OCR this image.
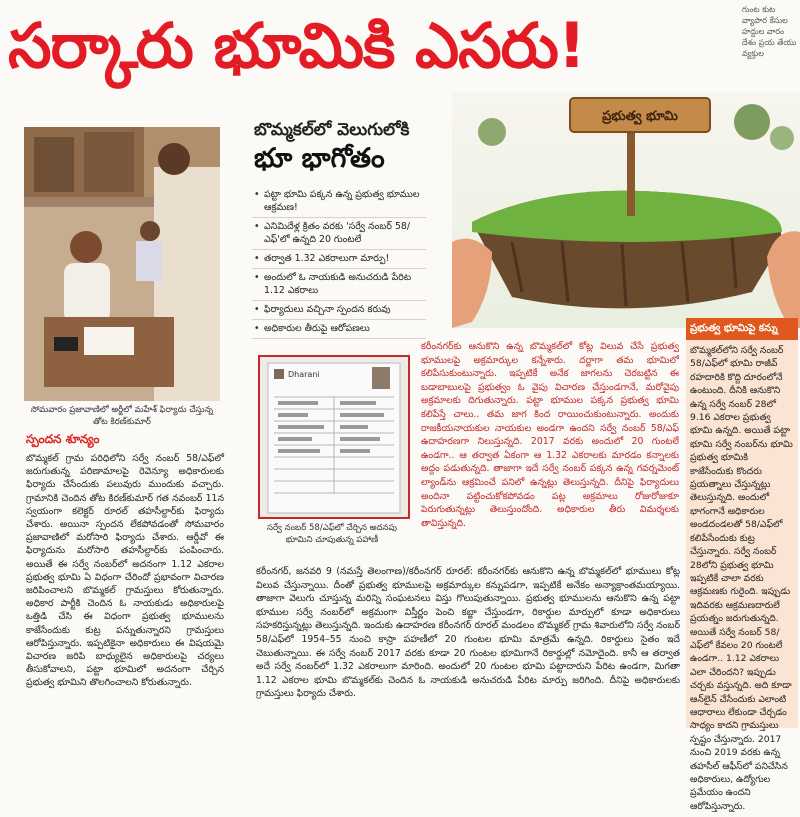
సర్కారు భూమికి ఎసరు!	గుంట కుట వ్యాపార కేసుల హద్దుల వారం దేశం ప్రయ తేయు వ్యక్తుల
సోమవారం ప్రజావాణిలో అర్జీలో మహేశ్ ఫిర్యాదు చేస్తున్న తోట కిరణ్‌కుమార్
స్పందన శూన్యం
బొమ్మకల్ గ్రామ పరిధిలోని సర్వే నంబర్ 58/ఎఫ్‌లో జరుగుతున్న పరిణామాలపై రెవెన్యూ అధికారులకు ఫిర్యాదు చేసేందుకు పలువురు ముందుకు వచ్చారు. గ్రామానికి చెందిన తోట కిరణ్‌కుమార్ గత నవంబర్ 11న స్వయంగా కలెక్టర్ రూరల్ తహసీల్దార్‌కు ఫిర్యాదు చేశారు. అయినా స్పందన లేకపోవడంతో సోమవారం ప్రజావాణిలో మరోసారి ఫిర్యాదు చేశారు. ఆర్డీవో ఈ ఫిర్యాదును మరోసారి తహసీల్దార్‌కు పంపించారు. అయితే ఈ సర్వే నంబర్‌లో అదనంగా 1.12 ఎకరాల ప్రభుత్వ భూమి ఏ విధంగా చేరిందో ప్రభావంగా విచారణ జరిపించాలని బొమ్మకల్ గ్రామస్తులు కోరుతున్నారు. అధికార పార్టీకి చెందిన ఓ నాయకుడు అధికారులపై ఒత్తిడి చేసి ఈ విధంగా ప్రభుత్వ భూములను కాజేసేందుకు కుట్ర పన్నుతున్నారని గ్రామస్తులు ఆరోపిస్తున్నారు. ఇప్పటికైనా అధికారులు ఈ విషయమై విచారణ జరిపి బాధ్యులైన అధికారులపై చర్యలు తీసుకోవాలని, పట్టా భూమిలో అదనంగా చేర్చిన ప్రభుత్వ భూమిని తొలగించాలని కోరుతున్నారు.
బొమ్మకల్‌లో వెలుగులోకి
భూ భాగోతం
• పట్టా భూమి పక్కన ఉన్న ప్రభుత్వ భూముల ఆక్రమణ!
• ఎనిమిదేళ్ల క్రితం వరకు 'సర్వే నంబర్ 58/ఎఫ్'లో ఉన్నది 20 గుంటలే
• తర్వాత 1.32 ఎకరాలుగా మార్పు!
• అందులో ఓ నాయకుడి అనుచరుడి పేరిట 1.12 ఎకరాలు
• ఫిర్యాదులు వచ్చినా స్పందన కరువు
• అధికారుల తీరుపై ఆరోపణలు
Dharani
సర్వే నంబర్ 58/ఎఫ్‌లో చేర్చిన అదనపు భూమిని చూపుతున్న పహాణీ
ప్రభుత్వ భూమి
కరీంనగర్‌కు ఆనుకొని ఉన్న బొమ్మకల్‌లో కోట్ల విలువ చేసే ప్రభుత్వ భూములపై అక్రమార్కుల కన్నేశారు. దర్జాగా తమ భూమిలో కలిపేసుకుంటున్నారు. ఇప్పటికే అనేక జాగలను చెరబట్టిన ఈ బడాబాబులపై ప్రభుత్వం ఓ వైపు విచారణ చేస్తుండగానే, మరోవైపు అక్రమాలకు దిగుతున్నారు. పట్టా భూముల పక్కన ప్రభుత్వ భూమి కలిపేస్తే చాలు.. తమ జాగ కింద రాయించుకుంటున్నారు. అందుకు రాజకీయనాయకుల నాయకుల అండగా ఉందని సర్వే నంబర్ 58/ఎఫ్ ఉదాహరణగా నిలుస్తున్నది. 2017 వరకు అందులో 20 గుంటలే ఉండగా.. ఆ తర్వాత ఏకంగా ఆ 1.32 ఎకరాలకు మారడం కన్నాలకు అద్దం పడుతున్నది. తాజాగా ఇదే సర్వే నంబర్ పక్కన ఉన్న గవర్నమెంట్ ల్యాండ్‌ను ఆక్రమించే పనిలో ఉన్నట్లు తెలుస్తున్నది. దీనిపై ఫిర్యాదులు అందినా పట్టించుకోకపోవడం పట్ల అక్రమాలు రోజురోజుకూ పెరుగుతున్నట్లు తెలుస్తుందోంది. అధికారుల తీరు విమర్శలకు తావిస్తున్నది.
కరీంనగర్, జనవరి 9 (నమస్తే తెలంగాణ)/కరీంనగర్ రూరల్: కరీంనగర్‌కు ఆనుకొని ఉన్న బొమ్మకల్‌లో భూములు కోట్ల విలువ చేస్తున్నాయి. దీంతో ప్రభుత్వ భూములపై అక్రమార్కుల కన్నుపడగా, ఇప్పటికే అనేకం అన్యాక్రాంతమయ్యాయి. తాజాగా వెలుగు చూస్తున్న మరిన్ని సంఘటనలు విస్తు గొలుపుతున్నాయి. ప్రభుత్వ భూములను ఆనుకొని ఉన్న పట్టా భూముల సర్వే నంబర్‌లో అక్రమంగా విస్తీర్ణం పెంచి కబ్జా చేస్తుండగా, రికార్డుల మార్పులో కూడా అధికారులు సహకరిస్తున్నట్లు తెలుస్తున్నది. ఇందుకు ఉదాహరణ కరీంనగర్ రూరల్ మండలం బొమ్మకల్ గ్రామ శివారులోని సర్వే నంబర్ 58/ఎఫ్‌లో 1954–55 నుంచి కాస్రా పహణీలో 20 గుంటల భూమి మాత్రమే ఉన్నది. రికార్డులు సైతం ఇదే చెబుతున్నాయి. ఈ సర్వే నంబర్ 2017 వరకు కూడా 20 గుంటల భూమిగానే రికార్డుల్లో నమోదైంది. కానీ ఆ తర్వాత అదే సర్వే నంబర్‌లో 1.32 ఎకరాలుగా మారింది. అందులో 20 గుంటల భూమి పట్టాదారుని పేరిట ఉండగా, మిగతా 1.12 ఎకరాల భూమి బొమ్మకల్‌కు చెందిన ఓ నాయకుడి అనుచరుడి పేరిట మార్పు జరిగింది. దీనిపై అధికారులకు గ్రామస్తులు ఫిర్యాదు చేశారు.
ప్రభుత్వ భూమిపై కన్ను
బొమ్మకల్‌లోని సర్వే నంబర్ 58/ఎఫ్‌లో భూమి రాజీవ్ రహదారికి కొద్ది దూరంలోనే ఉంటుంది. దీనికి ఆనుకొని ఉన్న సర్వే నంబర్ 28లో 9.16 ఎకరాల ప్రభుత్వ భూమి ఉన్నది. అయితే పట్టా భూమి సర్వే నంబర్‌ను భూమి ప్రభుత్వ భూమికి కాజేసేందుకు కొందరు ప్రయత్నాలు చేస్తున్నట్లు తెలుస్తున్నది. అందులో భాగంగానే అధికారుల అండదండలతో 58/ఎఫ్‌లో కలిపేసేందుకు కుట్ర చేస్తున్నారు. సర్వే నంబర్ 28లోని ప్రభుత్వ భూమి ఇప్పటికే చాలా వరకు ఆక్రమణకు గురైంది. ఇప్పుడు ఇదివరకు ఆక్రమణదారులే ప్రయత్నం జరుగుతున్నది. అయితే సర్వే నంబర్ 58/ఎఫ్‌లో కేవలం 20 గుంటలే ఉండగా.. 1.12 ఎకరాలు ఎలా చేరిందని? ఇప్పుడు చర్చకు వస్తున్నది. అది కూడా ఆన్‌లైన్ చేసేందుకు ఎలాంటి ఆధారాలు లేకుండా చేర్చడం సాధ్యం కాదని గ్రామస్తులు స్పష్టం చేస్తున్నారు. 2017 నుంచి 2019 వరకు ఉన్న తహసీల్ ఆఫీస్‌లో పనిచేసిన అధికారులు, ఉద్యోగుల ప్రమేయం ఉందని ఆరోపిస్తున్నారు.
